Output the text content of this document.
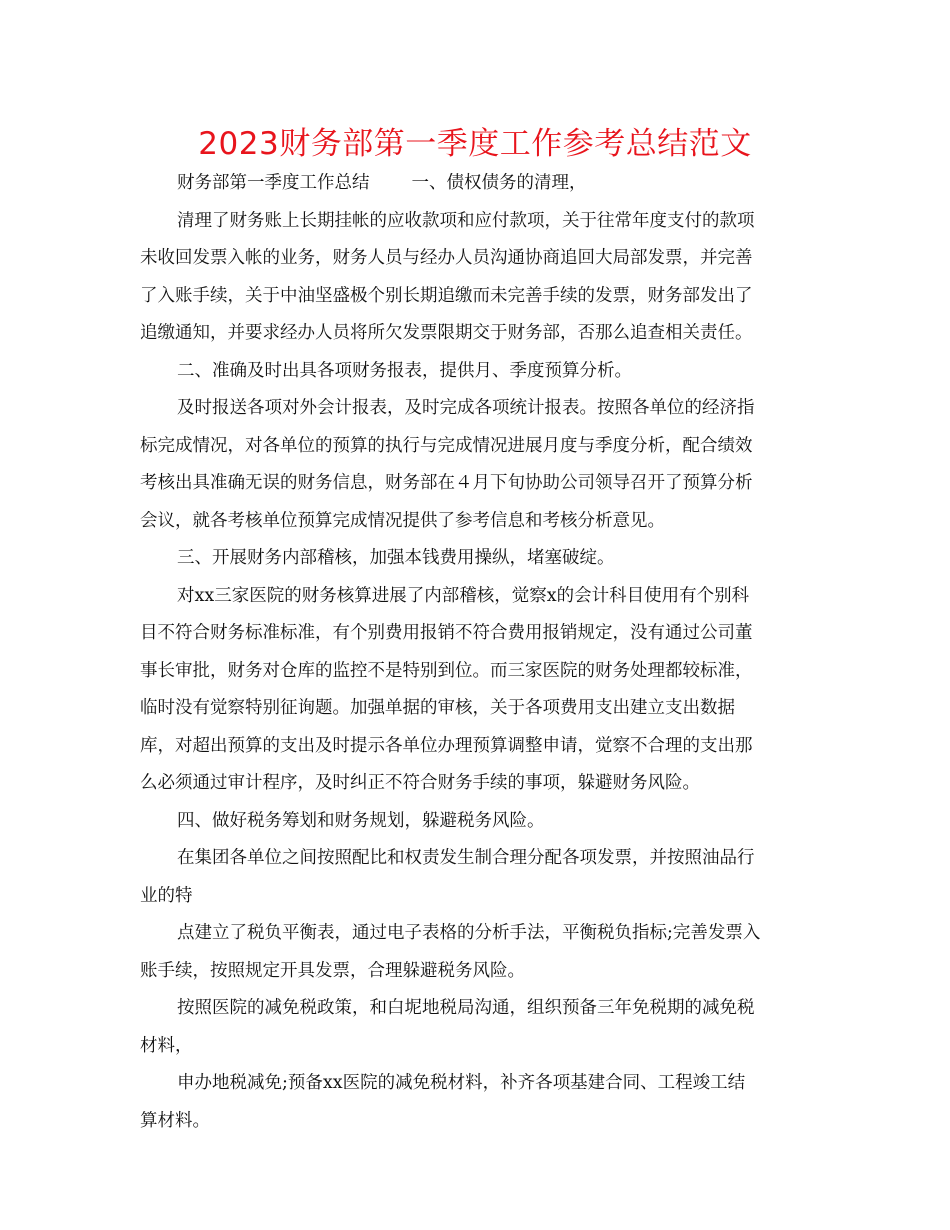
2023财务部第一季度工作参考总结范文
财务部第一季度工作总结 一、债权债务的清理，
清理了财务账上长期挂帐的应收款项和应付款项，关于往常年度支付的款项
未收回发票入帐的业务，财务人员与经办人员沟通协商追回大局部发票，并完善
了入账手续，关于中油坚盛极个别长期追缴而未完善手续的发票，财务部发出了
追缴通知，并要求经办人员将所欠发票限期交于财务部，否那么追查相关责任。
二、准确及时出具各项财务报表，提供月、季度预算分析。
及时报送各项对外会计报表，及时完成各项统计报表。按照各单位的经济指
标完成情况，对各单位的预算的执行与完成情况进展月度与季度分析，配合绩效
考核出具准确无误的财务信息，财务部在４月下旬协助公司领导召开了预算分析
会议，就各考核单位预算完成情况提供了参考信息和考核分析意见。
三、开展财务内部稽核，加强本钱费用操纵，堵塞破绽。
对xx三家医院的财务核算进展了内部稽核，觉察x的会计科目使用有个别科
目不符合财务标准标准，有个别费用报销不符合费用报销规定，没有通过公司董
事长审批，财务对仓库的监控不是特别到位。而三家医院的财务处理都较标准，
临时没有觉察特别征询题。加强单据的审核，关于各项费用支出建立支出数据
库，对超出预算的支出及时提示各单位办理预算调整申请，觉察不合理的支出那
么必须通过审计程序，及时纠正不符合财务手续的事项，躲避财务风险。
四、做好税务筹划和财务规划，躲避税务风险。
在集团各单位之间按照配比和权责发生制合理分配各项发票，并按照油品行
业的特
点建立了税负平衡表，通过电子表格的分析手法，平衡税负指标;完善发票入
账手续，按照规定开具发票，合理躲避税务风险。
按照医院的减免税政策，和白坭地税局沟通，组织预备三年免税期的减免税
材料，
申办地税减免;预备xx医院的减免税材料，补齐各项基建合同、工程竣工结
算材料。
